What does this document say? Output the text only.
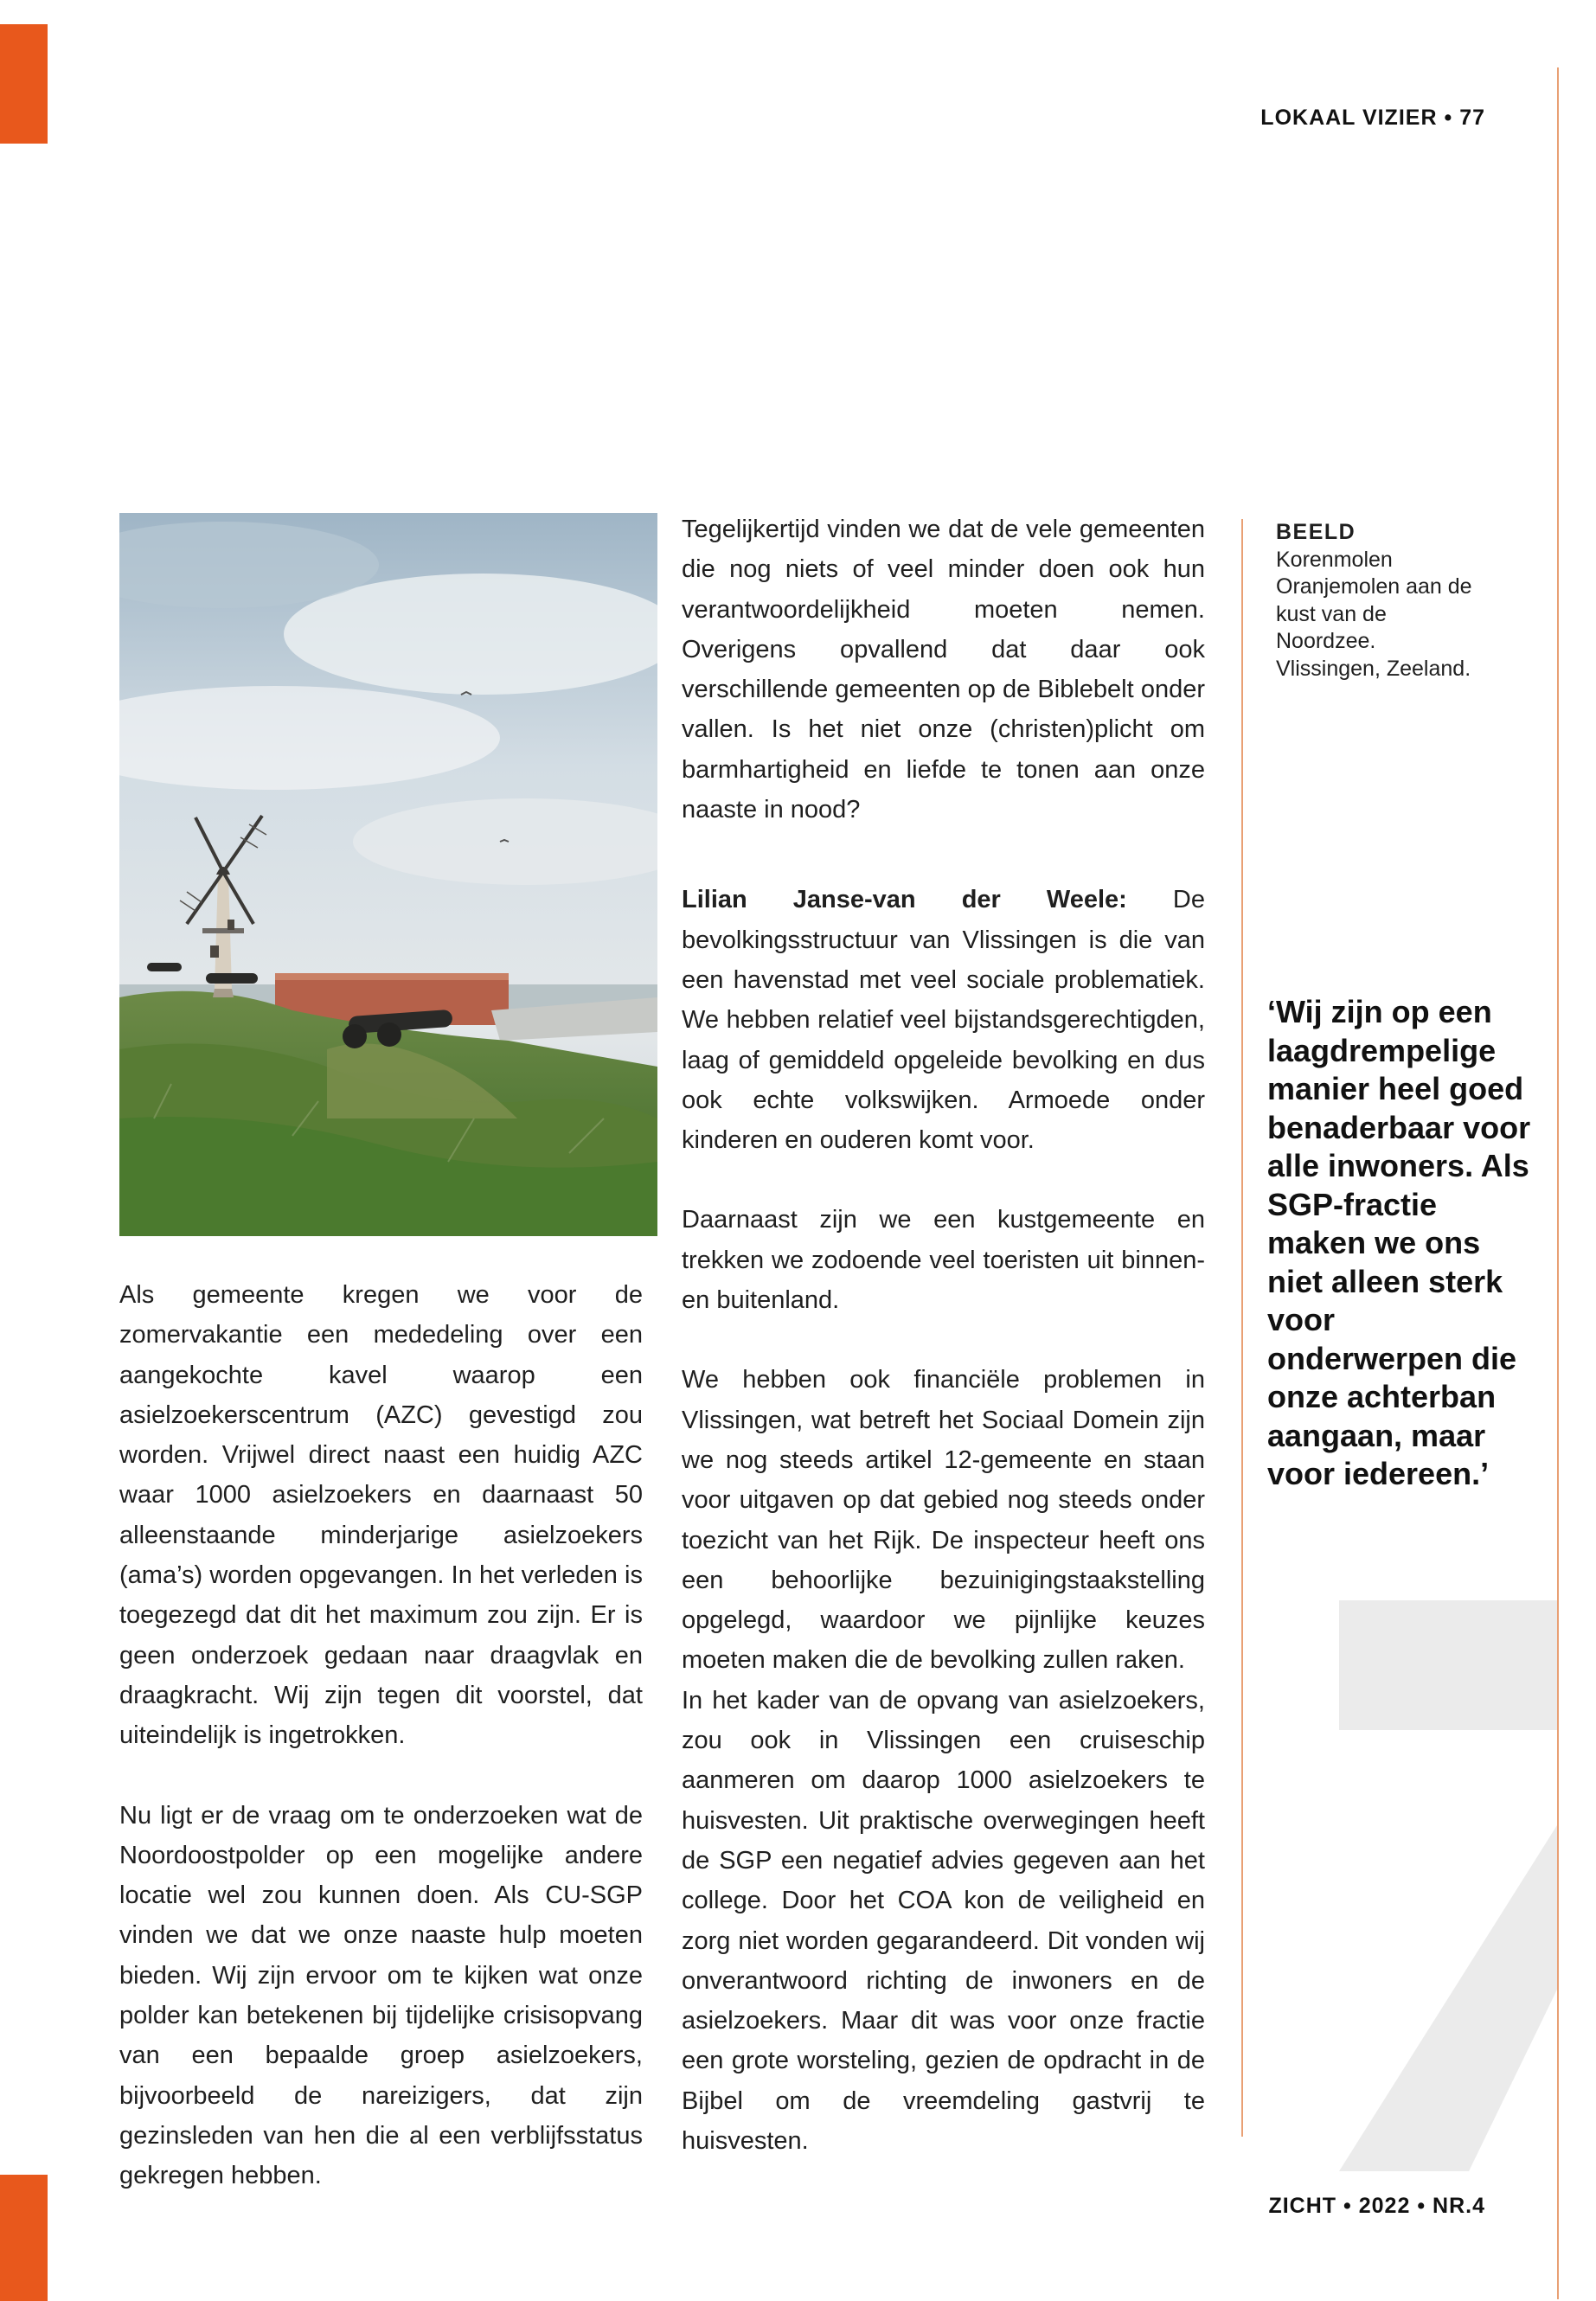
LOKAAL VIZIER • 77

Tegelijkertijd vinden we dat de vele gemeenten die nog niets of veel minder doen ook hun verantwoordelijkheid moeten nemen. Overigens opvallend dat daar ook verschillende gemeenten op de Biblebelt onder vallen. Is het niet onze (christen)plicht om barmhartigheid en liefde te tonen aan onze naaste in nood?

Lilian Janse-van der Weele: De bevolkingsstructuur van Vlissingen is die van een havenstad met veel sociale problematiek. We hebben relatief veel bijstandsgerechtigden, laag of gemiddeld opgeleide bevolking en dus ook echte volkswijken. Armoede onder kinderen en ouderen komt voor.

Daarnaast zijn we een kustgemeente en trekken we zodoende veel toeristen uit binnen- en buitenland.

We hebben ook financiële problemen in Vlissingen, wat betreft het Sociaal Domein zijn we nog steeds artikel 12-gemeente en staan voor uitgaven op dat gebied nog steeds onder toezicht van het Rijk. De inspecteur heeft ons een behoorlijke bezuinigingstaakstelling opgelegd, waardoor we pijnlijke keuzes moeten maken die de bevolking zullen raken.

In het kader van de opvang van asielzoekers, zou ook in Vlissingen een cruiseschip aanmeren om daarop 1000 asielzoekers te huisvesten. Uit praktische overwegingen heeft de SGP een negatief advies gegeven aan het college. Door het COA kon de veiligheid en zorg niet worden gegarandeerd. Dit vonden wij onverantwoord richting de inwoners en de asielzoekers. Maar dit was voor onze fractie een grote worsteling, gezien de opdracht in de Bijbel om de vreemdeling gastvrij te huisvesten.

Als gemeente kregen we voor de zomervakantie een mededeling over een aangekochte kavel waarop een asielzoekerscentrum (AZC) gevestigd zou worden. Vrijwel direct naast een huidig AZC waar 1000 asielzoekers en daarnaast 50 alleenstaande minderjarige asielzoekers (ama’s) worden opgevangen. In het verleden is toegezegd dat dit het maximum zou zijn. Er is geen onderzoek gedaan naar draagvlak en draagkracht. Wij zijn tegen dit voorstel, dat uiteindelijk is ingetrokken.

Nu ligt er de vraag om te onderzoeken wat de Noordoostpolder op een mogelijke andere locatie wel zou kunnen doen. Als CU-SGP vinden we dat we onze naaste hulp moeten bieden. Wij zijn ervoor om te kijken wat onze polder kan betekenen bij tijdelijke crisisopvang van een bepaalde groep asielzoekers, bijvoorbeeld de nareizigers, dat zijn gezinsleden van hen die al een verblijfsstatus gekregen hebben.

BEELD
Korenmolen Oranjemolen aan de kust van de Noordzee. Vlissingen, Zeeland.
‘Wij zijn op een laagdrempelige manier heel goed benaderbaar voor alle inwoners. Als SGP-fractie maken we ons niet alleen sterk voor onderwerpen die onze achterban aangaan, maar voor iedereen.’
ZICHT • 2022 • NR.4
